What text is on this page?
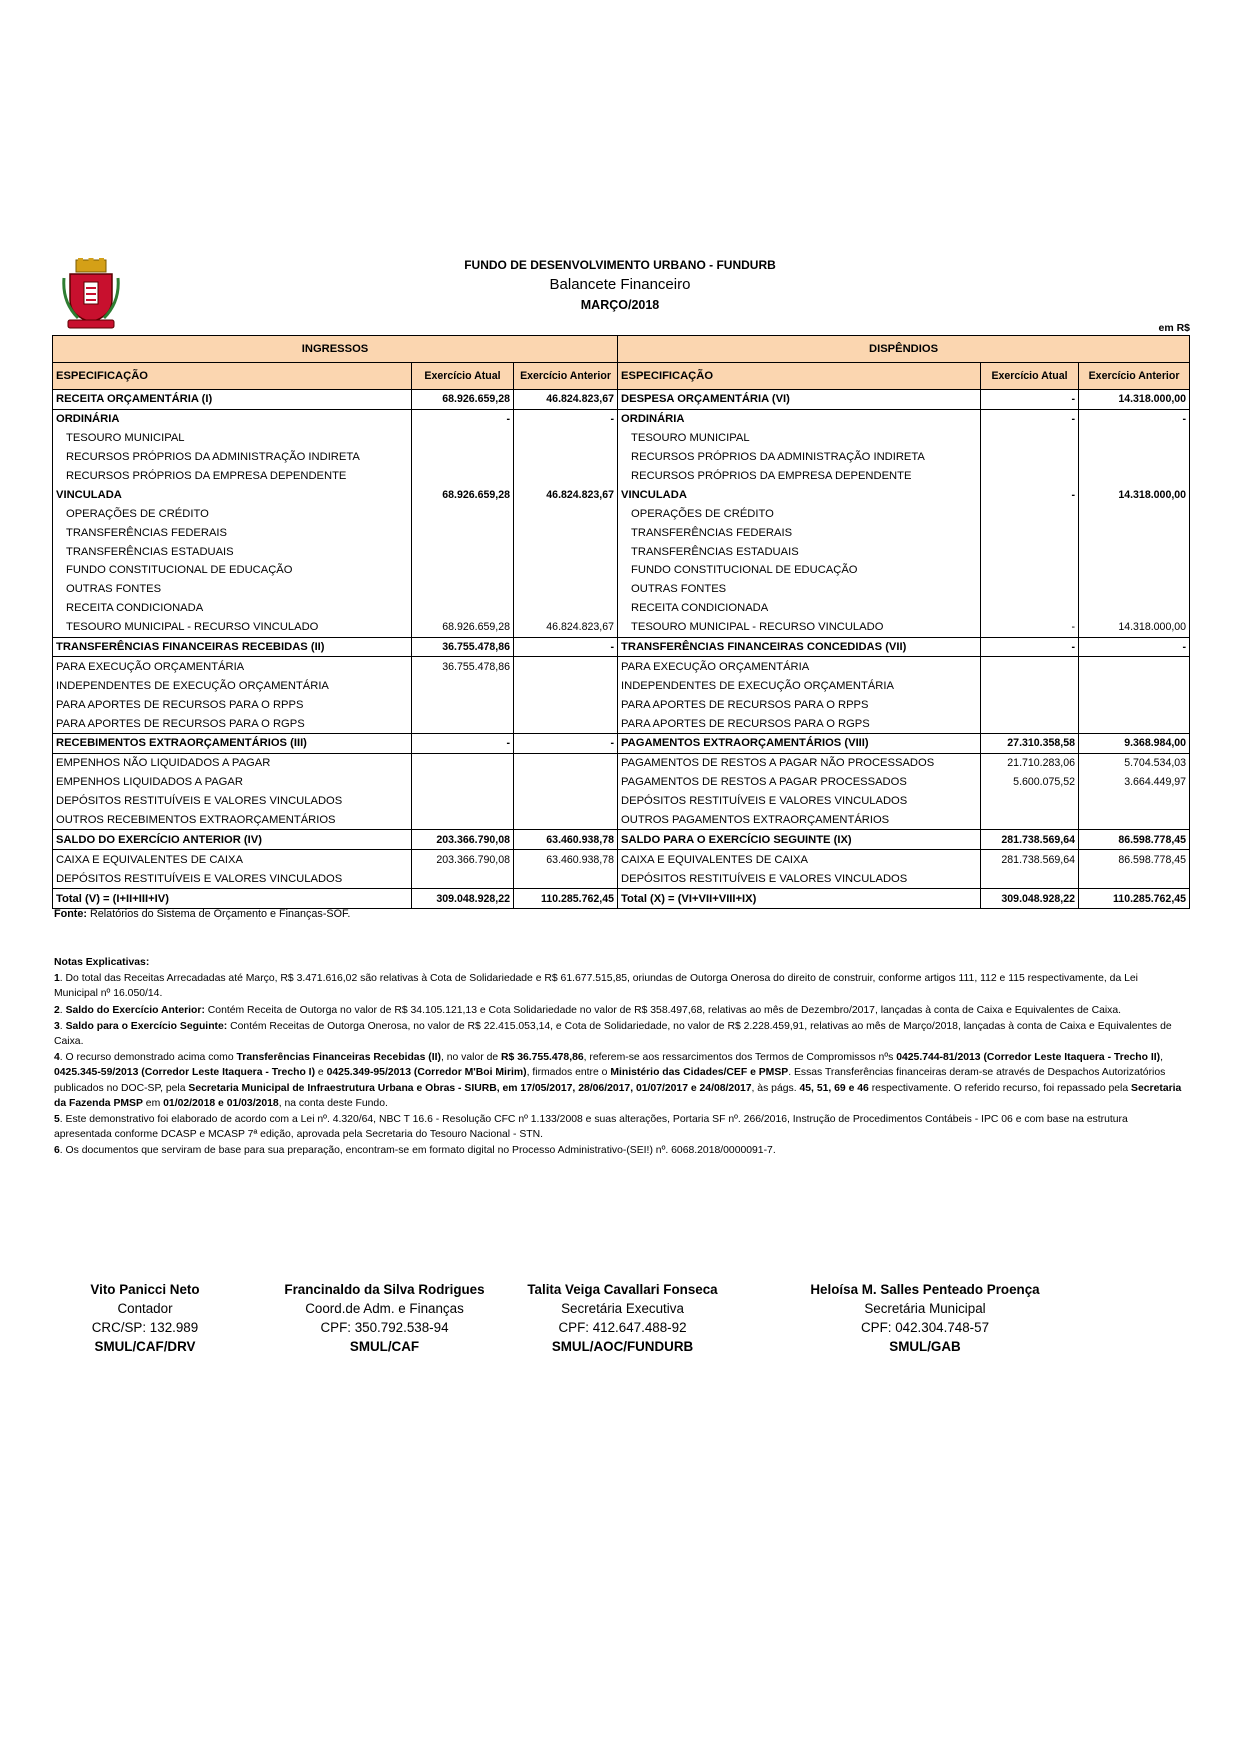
FUNDO DE DESENVOLVIMENTO URBANO - FUNDURB
Balancete Financeiro
MARÇO/2018
em R$
INGRESSOS			DISPÊNDIOS		
ESPECIFICAÇÃO	Exercício Atual	Exercício Anterior	ESPECIFICAÇÃO	Exercício Atual	Exercício Anterior
RECEITA ORÇAMENTÁRIA (I)	68.926.659,28	46.824.823,67	DESPESA ORÇAMENTÁRIA (VI)	-	14.318.000,00
ORDINÁRIA	-	-	ORDINÁRIA	-	-
TESOURO MUNICIPAL			TESOURO MUNICIPAL		
RECURSOS PRÓPRIOS DA ADMINISTRAÇÃO INDIRETA			RECURSOS PRÓPRIOS DA ADMINISTRAÇÃO INDIRETA		
RECURSOS PRÓPRIOS DA EMPRESA DEPENDENTE			RECURSOS PRÓPRIOS DA EMPRESA DEPENDENTE		
VINCULADA	68.926.659,28	46.824.823,67	VINCULADA	-	14.318.000,00
OPERAÇÕES DE CRÉDITO			OPERAÇÕES DE CRÉDITO		
TRANSFERÊNCIAS FEDERAIS			TRANSFERÊNCIAS FEDERAIS		
TRANSFERÊNCIAS ESTADUAIS			TRANSFERÊNCIAS ESTADUAIS		
FUNDO CONSTITUCIONAL DE EDUCAÇÃO			FUNDO CONSTITUCIONAL DE EDUCAÇÃO		
OUTRAS FONTES			OUTRAS FONTES		
RECEITA CONDICIONADA			RECEITA CONDICIONADA		
TESOURO MUNICIPAL - RECURSO VINCULADO	68.926.659,28	46.824.823,67	TESOURO MUNICIPAL - RECURSO VINCULADO	-	14.318.000,00
TRANSFERÊNCIAS FINANCEIRAS RECEBIDAS (II)	36.755.478,86	-	TRANSFERÊNCIAS FINANCEIRAS CONCEDIDAS (VII)	-	-
PARA EXECUÇÃO ORÇAMENTÁRIA	36.755.478,86		PARA EXECUÇÃO ORÇAMENTÁRIA		
INDEPENDENTES DE EXECUÇÃO ORÇAMENTÁRIA			INDEPENDENTES DE EXECUÇÃO ORÇAMENTÁRIA		
PARA APORTES DE RECURSOS PARA O RPPS			PARA APORTES DE RECURSOS PARA O RPPS		
PARA APORTES DE RECURSOS PARA O RGPS			PARA APORTES DE RECURSOS PARA O RGPS		
RECEBIMENTOS EXTRAORÇAMENTÁRIOS (III)	-	-	PAGAMENTOS EXTRAORÇAMENTÁRIOS (VIII)	27.310.358,58	9.368.984,00
EMPENHOS NÃO LIQUIDADOS A PAGAR			PAGAMENTOS DE RESTOS A PAGAR NÃO PROCESSADOS	21.710.283,06	5.704.534,03
EMPENHOS LIQUIDADOS A PAGAR			PAGAMENTOS DE RESTOS A PAGAR PROCESSADOS	5.600.075,52	3.664.449,97
DEPÓSITOS RESTITUÍVEIS E VALORES VINCULADOS			DEPÓSITOS RESTITUÍVEIS E VALORES VINCULADOS		
OUTROS RECEBIMENTOS EXTRAORÇAMENTÁRIOS			OUTROS PAGAMENTOS EXTRAORÇAMENTÁRIOS		
SALDO DO EXERCÍCIO ANTERIOR (IV)	203.366.790,08	63.460.938,78	SALDO PARA O EXERCÍCIO SEGUINTE (IX)	281.738.569,64	86.598.778,45
CAIXA E EQUIVALENTES DE CAIXA	203.366.790,08	63.460.938,78	CAIXA E EQUIVALENTES DE CAIXA	281.738.569,64	86.598.778,45
DEPÓSITOS RESTITUÍVEIS E VALORES VINCULADOS			DEPÓSITOS RESTITUÍVEIS E VALORES VINCULADOS		
Total (V) = (I+II+III+IV)	309.048.928,22	110.285.762,45	Total (X) = (VI+VII+VIII+IX)	309.048.928,22	110.285.762,45
Fonte: Relatórios do Sistema de Orçamento e Finanças-SOF.
Notas Explicativas:

1. Do total das Receitas Arrecadadas até Março, R$ 3.471.616,02 são relativas à Cota de Solidariedade e R$ 61.677.515,85, oriundas de Outorga Onerosa do direito de construir, conforme artigos 111, 112 e 115 respectivamente, da Lei Municipal nº 16.050/14.

2. Saldo do Exercício Anterior: Contém Receita de Outorga no valor de R$ 34.105.121,13 e Cota Solidariedade no valor de R$ 358.497,68, relativas ao mês de Dezembro/2017, lançadas à conta de Caixa e Equivalentes de Caixa.

3. Saldo para o Exercício Seguinte: Contém Receitas de Outorga Onerosa, no valor de R$ 22.415.053,14, e Cota de Solidariedade, no valor de R$ 2.228.459,91, relativas ao mês de Março/2018, lançadas à conta de Caixa e Equivalentes de Caixa.

4. O recurso demonstrado acima como Transferências Financeiras Recebidas (II), no valor de R$ 36.755.478,86, referem-se aos ressarcimentos dos Termos de Compromissos nºs 0425.744-81/2013 (Corredor Leste Itaquera - Trecho II), 0425.345-59/2013 (Corredor Leste Itaquera - Trecho I) e 0425.349-95/2013 (Corredor M'Boi Mirim), firmados entre o Ministério das Cidades/CEF e PMSP. Essas Transferências financeiras deram-se através de Despachos Autorizatórios publicados no DOC-SP, pela Secretaria Municipal de Infraestrutura Urbana e Obras - SIURB, em 17/05/2017, 28/06/2017, 01/07/2017 e 24/08/2017, às págs. 45, 51, 69 e 46 respectivamente. O referido recurso, foi repassado pela Secretaria da Fazenda PMSP em 01/02/2018 e 01/03/2018, na conta deste Fundo.

5. Este demonstrativo foi elaborado de acordo com a Lei nº. 4.320/64, NBC T 16.6 - Resolução CFC nº 1.133/2008 e suas alterações, Portaria SF nº. 266/2016, Instrução de Procedimentos Contábeis - IPC 06 e com base na estrutura apresentada conforme DCASP e MCASP 7ª edição, aprovada pela Secretaria do Tesouro Nacional - STN.

6. Os documentos que serviram de base para sua preparação, encontram-se em formato digital no Processo Administrativo-(SEI!) nº. 6068.2018/0000091-7.

Vito Panicci Neto
Contador
CRC/SP: 132.989
SMUL/CAF/DRV
Francinaldo da Silva Rodrigues
Coord.de Adm. e Finanças
CPF: 350.792.538-94
SMUL/CAF
Talita Veiga Cavallari Fonseca
Secretária Executiva
CPF: 412.647.488-92
SMUL/AOC/FUNDURB
Heloísa M. Salles Penteado Proença
Secretária Municipal
CPF: 042.304.748-57
SMUL/GAB
